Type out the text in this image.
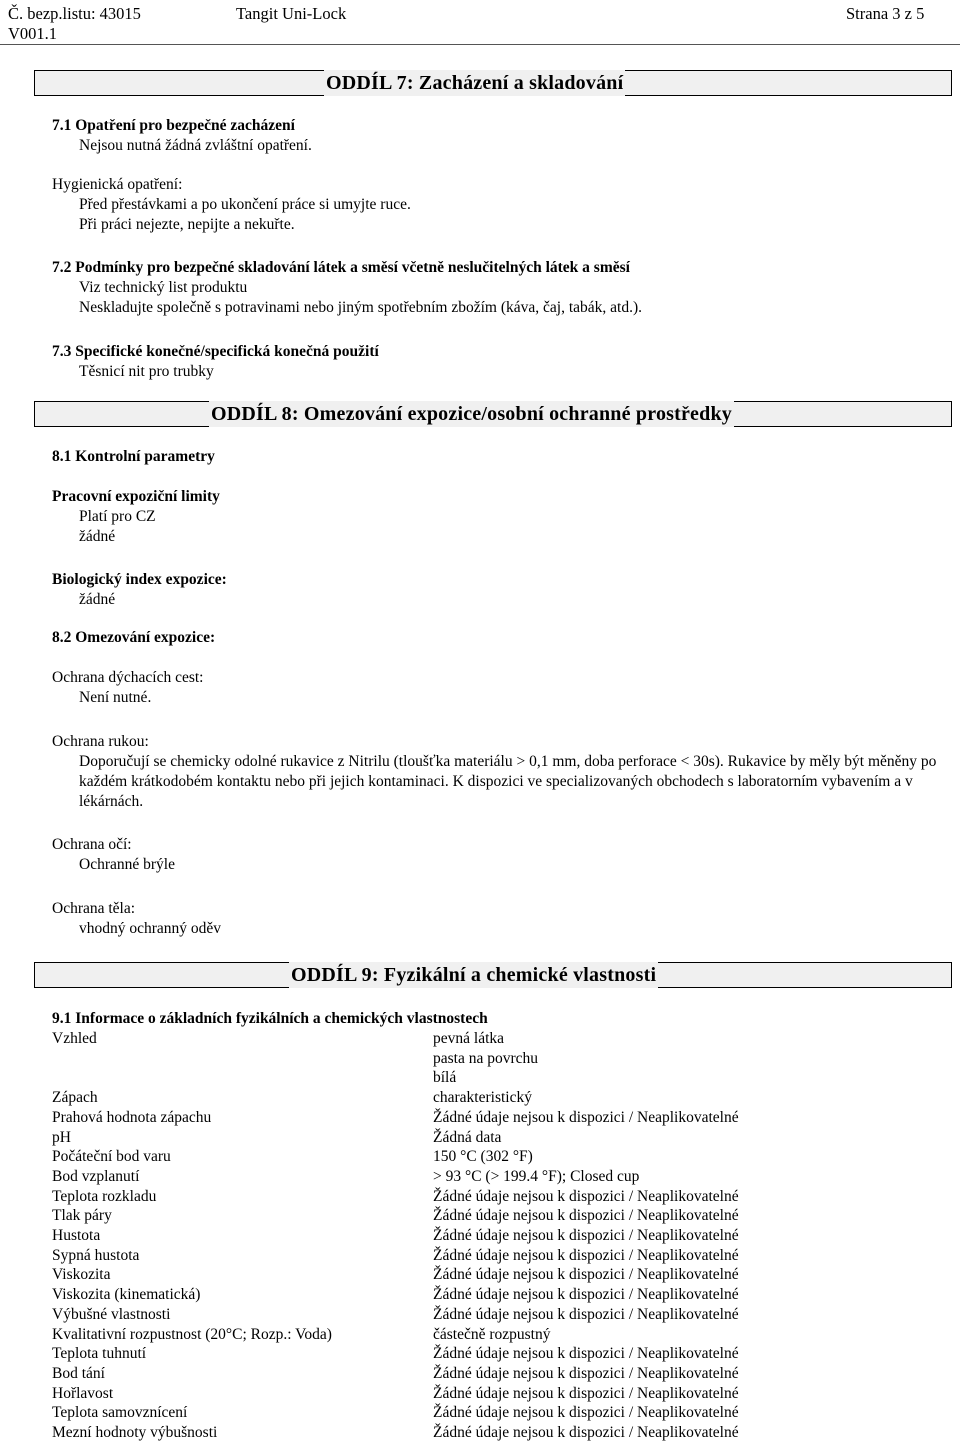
Č. bezp.listu: 43015
V001.1
Tangit Uni-Lock	Strana 3 z 5
ODDÍL 7: Zacházení a skladování
7.1 Opatření pro bezpečné zacházení
Nejsou nutná žádná zvláštní opatření.
Hygienická opatření:
Před přestávkami a po ukončení práce si umyjte ruce.
Při práci nejezte, nepijte a nekuřte.
7.2 Podmínky pro bezpečné skladování látek a směsí včetně neslučitelných látek a směsí
Viz technický list produktu
Neskladujte společně s potravinami nebo jiným spotřebním zbožím (káva, čaj, tabák, atd.).
7.3 Specifické konečné/specifická konečná použití
Těsnicí nit pro trubky
ODDÍL 8: Omezování expozice/osobní ochranné prostředky
8.1 Kontrolní parametry
Pracovní expoziční limity
Platí pro CZ
žádné
Biologický index expozice:
žádné
8.2 Omezování expozice:
Ochrana dýchacích cest:
Není nutné.
Ochrana rukou:
Doporučují se chemicky odolné rukavice z Nitrilu (tloušťka materiálu > 0,1 mm, doba perforace < 30s). Rukavice by měly být měněny po každém krátkodobém kontaktu nebo při jejich kontaminaci. K dispozici ve specializovaných obchodech s laboratorním vybavením a v lékárnách.
Ochrana očí:
Ochranné brýle
Ochrana těla:
vhodný ochranný oděv
ODDÍL 9: Fyzikální a chemické vlastnosti
9.1 Informace o základních fyzikálních a chemických vlastnostech
Vzhled	pevná látka
pasta na povrchu
bílá
Zápach	charakteristický
Prahová hodnota zápachu	Žádné údaje nejsou k dispozici / Neaplikovatelné
pH	Žádná data
Počáteční bod varu	150 °C (302 °F)
Bod vzplanutí	> 93 °C (> 199.4 °F); Closed cup
Teplota rozkladu	Žádné údaje nejsou k dispozici / Neaplikovatelné
Tlak páry	Žádné údaje nejsou k dispozici / Neaplikovatelné
Hustota	Žádné údaje nejsou k dispozici / Neaplikovatelné
Sypná hustota	Žádné údaje nejsou k dispozici / Neaplikovatelné
Viskozita	Žádné údaje nejsou k dispozici / Neaplikovatelné
Viskozita (kinematická)	Žádné údaje nejsou k dispozici / Neaplikovatelné
Výbušné vlastnosti	Žádné údaje nejsou k dispozici / Neaplikovatelné
Kvalitativní rozpustnost (20°C; Rozp.: Voda)	částečně rozpustný
Teplota tuhnutí	Žádné údaje nejsou k dispozici / Neaplikovatelné
Bod tání	Žádné údaje nejsou k dispozici / Neaplikovatelné
Hořlavost	Žádné údaje nejsou k dispozici / Neaplikovatelné
Teplota samovznícení	Žádné údaje nejsou k dispozici / Neaplikovatelné
Mezní hodnoty výbušnosti	Žádné údaje nejsou k dispozici / Neaplikovatelné
